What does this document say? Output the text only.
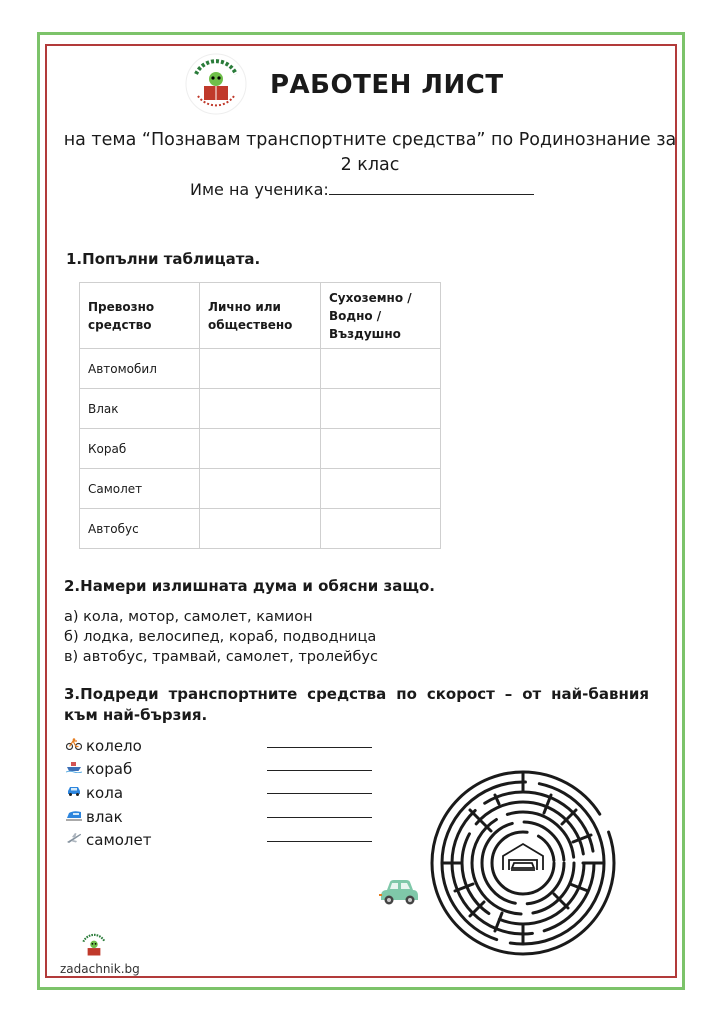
РАБОТЕН ЛИСТ
на тема “Познавам транспортните средства” по Родинознание за 2 клас
Име на ученика:
1.Попълни таблицата.
Превозно средство	Лично или обществено	Сухоземно / Водно / Въздушно
Автомобил		
Влак		
Кораб		
Самолет		
Автобус		
2.Намери излишната дума и обясни защо.
а) кола, мотор, самолет, камион
б) лодка, велосипед, кораб, подводница
в) автобус, трамвай, самолет, тролейбус
3.Подреди транспортните средства по скорост – от най-бавния към най-бързия.
колело
кораб
кола
влак
самолет
zadachnik.bg
